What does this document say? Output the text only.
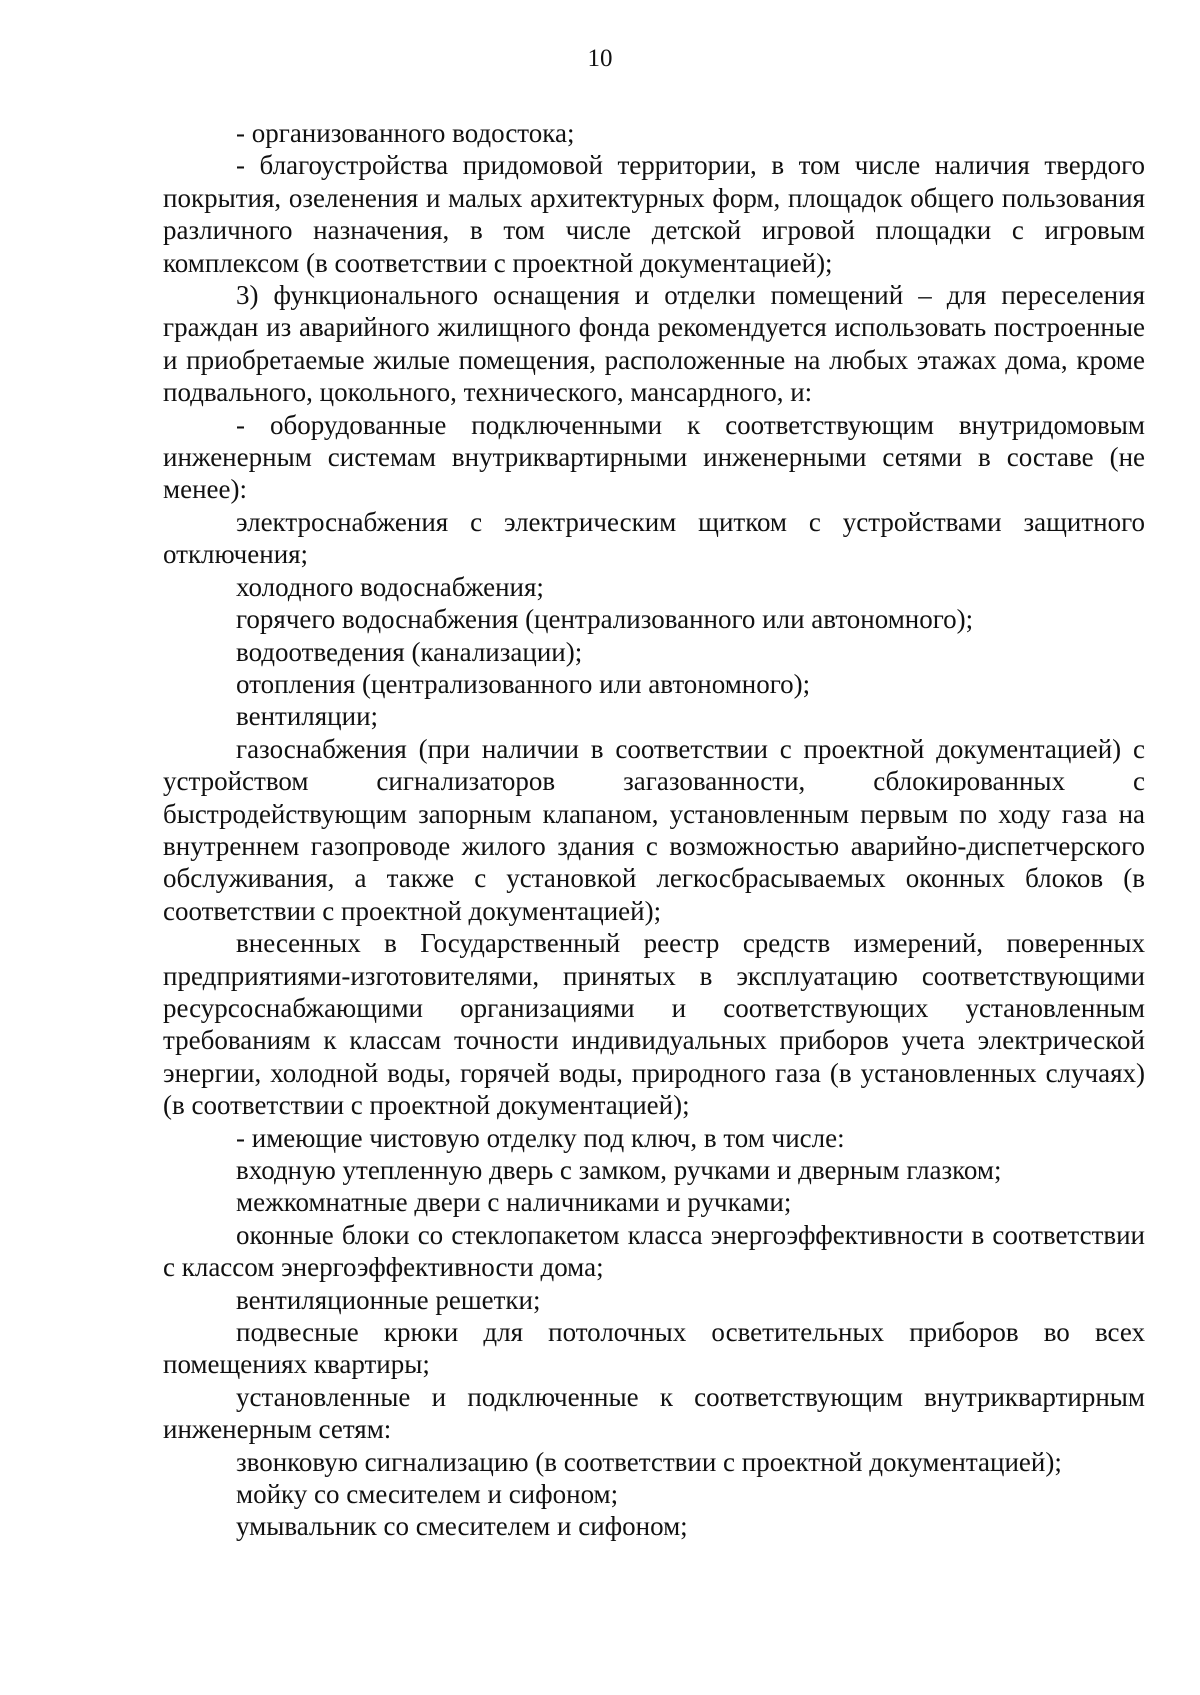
10

- организованного водостока;

- благоустройства придомовой территории, в том числе наличия твердого покрытия, озеленения и малых архитектурных форм, площадок общего пользования различного назначения, в том числе детской игровой площадки с игровым комплексом (в соответствии с проектной документацией);

3) функционального оснащения и отделки помещений – для переселения граждан из аварийного жилищного фонда рекомендуется использовать построенные и приобретаемые жилые помещения, расположенные на любых этажах дома, кроме подвального, цокольного, технического, мансардного, и:

- оборудованные подключенными к соответствующим внутридомовым инженерным системам внутриквартирными инженерными сетями в составе (не менее):

электроснабжения с электрическим щитком с устройствами защитного отключения;

холодного водоснабжения;

горячего водоснабжения (централизованного или автономного);

водоотведения (канализации);

отопления (централизованного или автономного);

вентиляции;

газоснабжения (при наличии в соответствии с проектной документацией) с устройством сигнализаторов загазованности, сблокированных с быстродействующим запорным клапаном, установленным первым по ходу газа на внутреннем газопроводе жилого здания с возможностью аварийно-диспетчерского обслуживания, а также с установкой легкосбрасываемых оконных блоков (в соответствии с проектной документацией);

внесенных в Государственный реестр средств измерений, поверенных предприятиями-изготовителями, принятых в эксплуатацию соответствующими ресурсоснабжающими организациями и соответствующих установленным требованиям к классам точности индивидуальных приборов учета электрической энергии, холодной воды, горячей воды, природного газа (в установленных случаях) (в соответствии с проектной документацией);

- имеющие чистовую отделку под ключ, в том числе:

входную утепленную дверь с замком, ручками и дверным глазком;

межкомнатные двери с наличниками и ручками;

оконные блоки со стеклопакетом класса энергоэффективности в соответствии с классом энергоэффективности дома;

вентиляционные решетки;

подвесные крюки для потолочных осветительных приборов во всех помещениях квартиры;

установленные и подключенные к соответствующим внутриквартирным инженерным сетям:

звонковую сигнализацию (в соответствии с проектной документацией);

мойку со смесителем и сифоном;

умывальник со смесителем и сифоном;
